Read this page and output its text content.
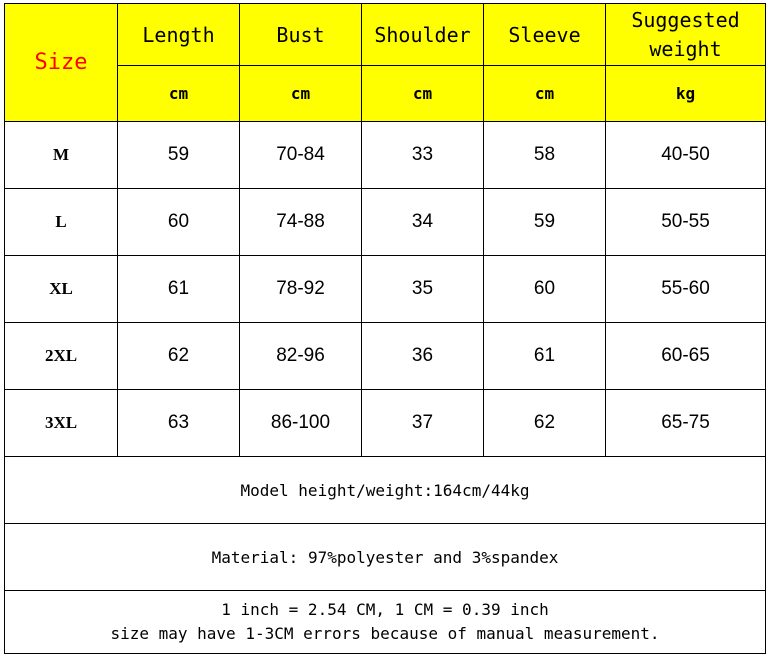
Size	Length	Bust	Shoulder	Sleeve	Suggested
weight

	cm	cm	cm	cm	kg
M	59	70-84	33	58	40-50
L	60	74-88	34	59	50-55
XL	61	78-92	35	60	55-60
2XL	62	82-96	36	61	60-65
3XL	63	86-100	37	62	65-75
Model height/weight:164cm/44kg					
Material: 97%polyester and 3%spandex					

1 inch = 2.54 CM, 1 CM = 0.39 inch
size may have 1-3CM errors because of manual measurement.					
